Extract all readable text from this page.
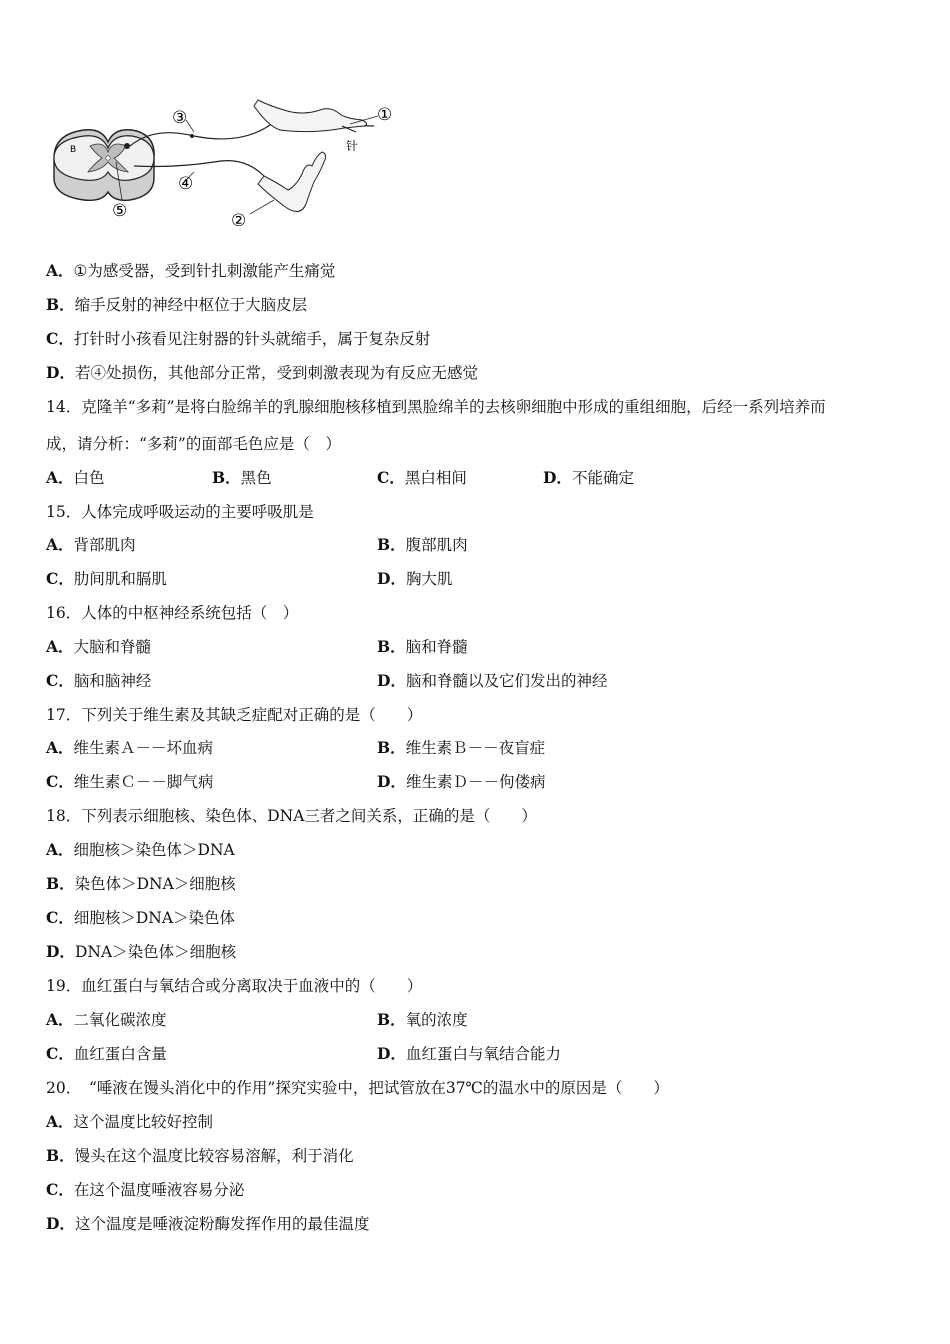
B	针
①
③
④
⑤	②
A．①为感受器，受到针扎刺激能产生痛觉
B．缩手反射的神经中枢位于大脑皮层
C．打针时小孩看见注射器的针头就缩手，属于复杂反射
D．若④处损伤，其他部分正常，受到刺激表现为有反应无感觉
14．克隆羊“多莉”是将白脸绵羊的乳腺细胞核移植到黑脸绵羊的去核卵细胞中形成的重组细胞，后经一系列培养而
成，请分析：“多莉”的面部毛色应是（　）
A．白色	B．黑色	C．黑白相间	D．不能确定
15．人体完成呼吸运动的主要呼吸肌是
A．背部肌肉	B．腹部肌肉
C．肋间肌和膈肌	D．胸大肌
16．人体的中枢神经系统包括（　）
A．大脑和脊髓	B．脑和脊髓
C．脑和脑神经	D．脑和脊髓以及它们发出的神经
17．下列关于维生素及其缺乏症配对正确的是（　　）
A．维生素Ａ－－坏血病	B．维生素Ｂ－－夜盲症
C．维生素Ｃ－－脚气病	D．维生素Ｄ－－佝偻病
18．下列表示细胞核、染色体、DNA三者之间关系，正确的是（　　）
A．细胞核＞染色体＞DNA
B．染色体＞DNA＞细胞核
C．细胞核＞DNA＞染色体
D．DNA＞染色体＞细胞核
19．血红蛋白与氧结合或分离取决于血液中的（　　）
A．二氧化碳浓度	B．氧的浓度
C．血红蛋白含量	D．血红蛋白与氧结合能力
20．　“唾液在馒头消化中的作用”探究实验中，把试管放在37℃的温水中的原因是（　　）
A．这个温度比较好控制
B．馒头在这个温度比较容易溶解，利于消化
C．在这个温度唾液容易分泌
D．这个温度是唾液淀粉酶发挥作用的最佳温度
